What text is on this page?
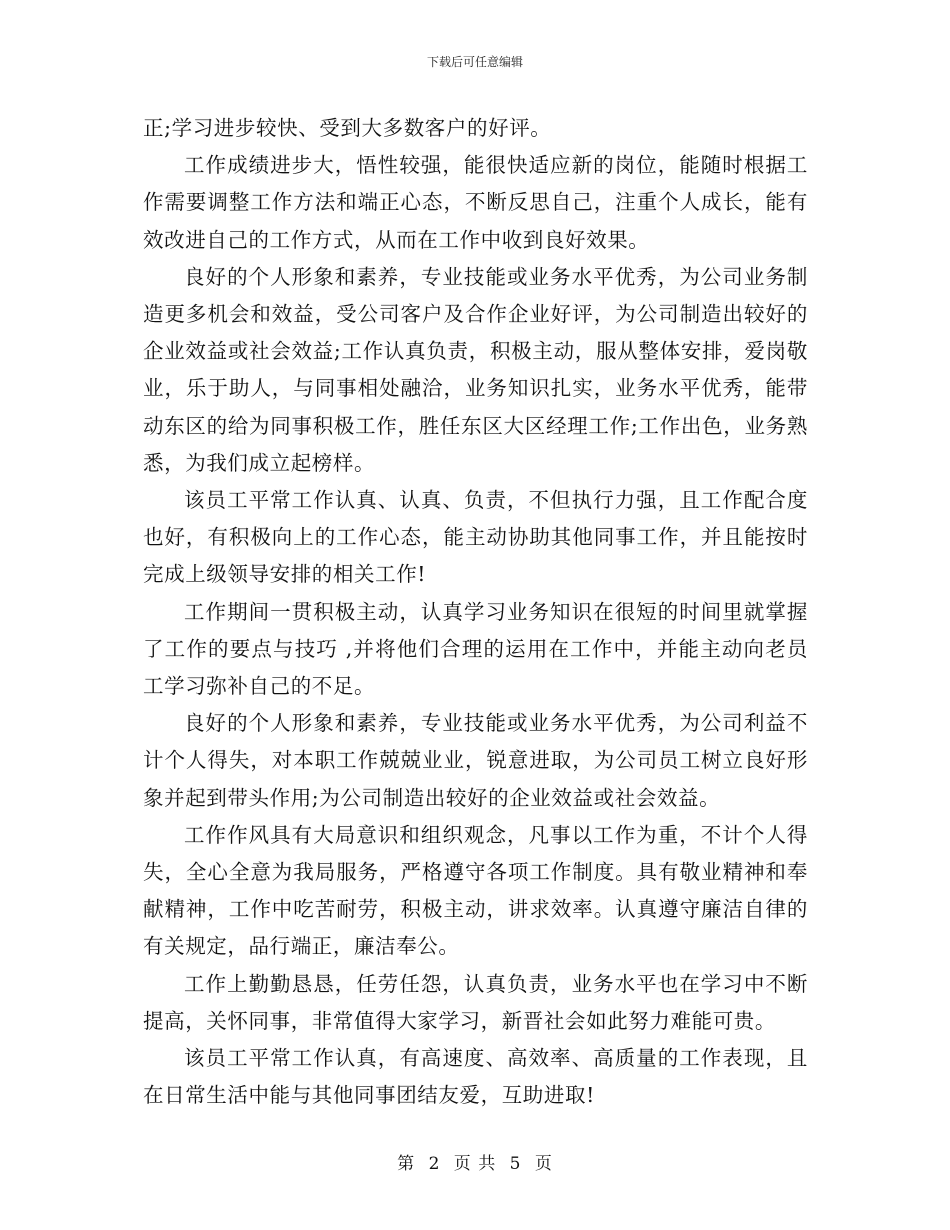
下载后可任意编辑

正;学习进步较快、受到大多数客户的好评。

工作成绩进步大，悟性较强，能很快适应新的岗位，能随时根据工作需要调整工作方法和端正心态，不断反思自己，注重个人成长，能有效改进自己的工作方式，从而在工作中收到良好效果。

良好的个人形象和素养，专业技能或业务水平优秀，为公司业务制造更多机会和效益，受公司客户及合作企业好评，为公司制造出较好的企业效益或社会效益;工作认真负责，积极主动，服从整体安排，爱岗敬业，乐于助人，与同事相处融洽，业务知识扎实，业务水平优秀，能带动东区的给为同事积极工作，胜任东区大区经理工作;工作出色，业务熟悉，为我们成立起榜样。

该员工平常工作认真、认真、负责，不但执行力强，且工作配合度也好，有积极向上的工作心态，能主动协助其他同事工作，并且能按时完成上级领导安排的相关工作!

工作期间一贯积极主动，认真学习业务知识在很短的时间里就掌握了工作的要点与技巧 ,并将他们合理的运用在工作中，并能主动向老员工学习弥补自己的不足。

良好的个人形象和素养，专业技能或业务水平优秀，为公司利益不计个人得失，对本职工作兢兢业业，锐意进取，为公司员工树立良好形象并起到带头作用;为公司制造出较好的企业效益或社会效益。

工作作风具有大局意识和组织观念，凡事以工作为重，不计个人得失，全心全意为我局服务，严格遵守各项工作制度。具有敬业精神和奉献精神，工作中吃苦耐劳，积极主动，讲求效率。认真遵守廉洁自律的有关规定，品行端正，廉洁奉公。

工作上勤勤恳恳，任劳任怨，认真负责，业务水平也在学习中不断提高，关怀同事，非常值得大家学习，新晋社会如此努力难能可贵。

该员工平常工作认真，有高速度、高效率、高质量的工作表现，且在日常生活中能与其他同事团结友爱，互助进取!

第 2 页 共 5 页
